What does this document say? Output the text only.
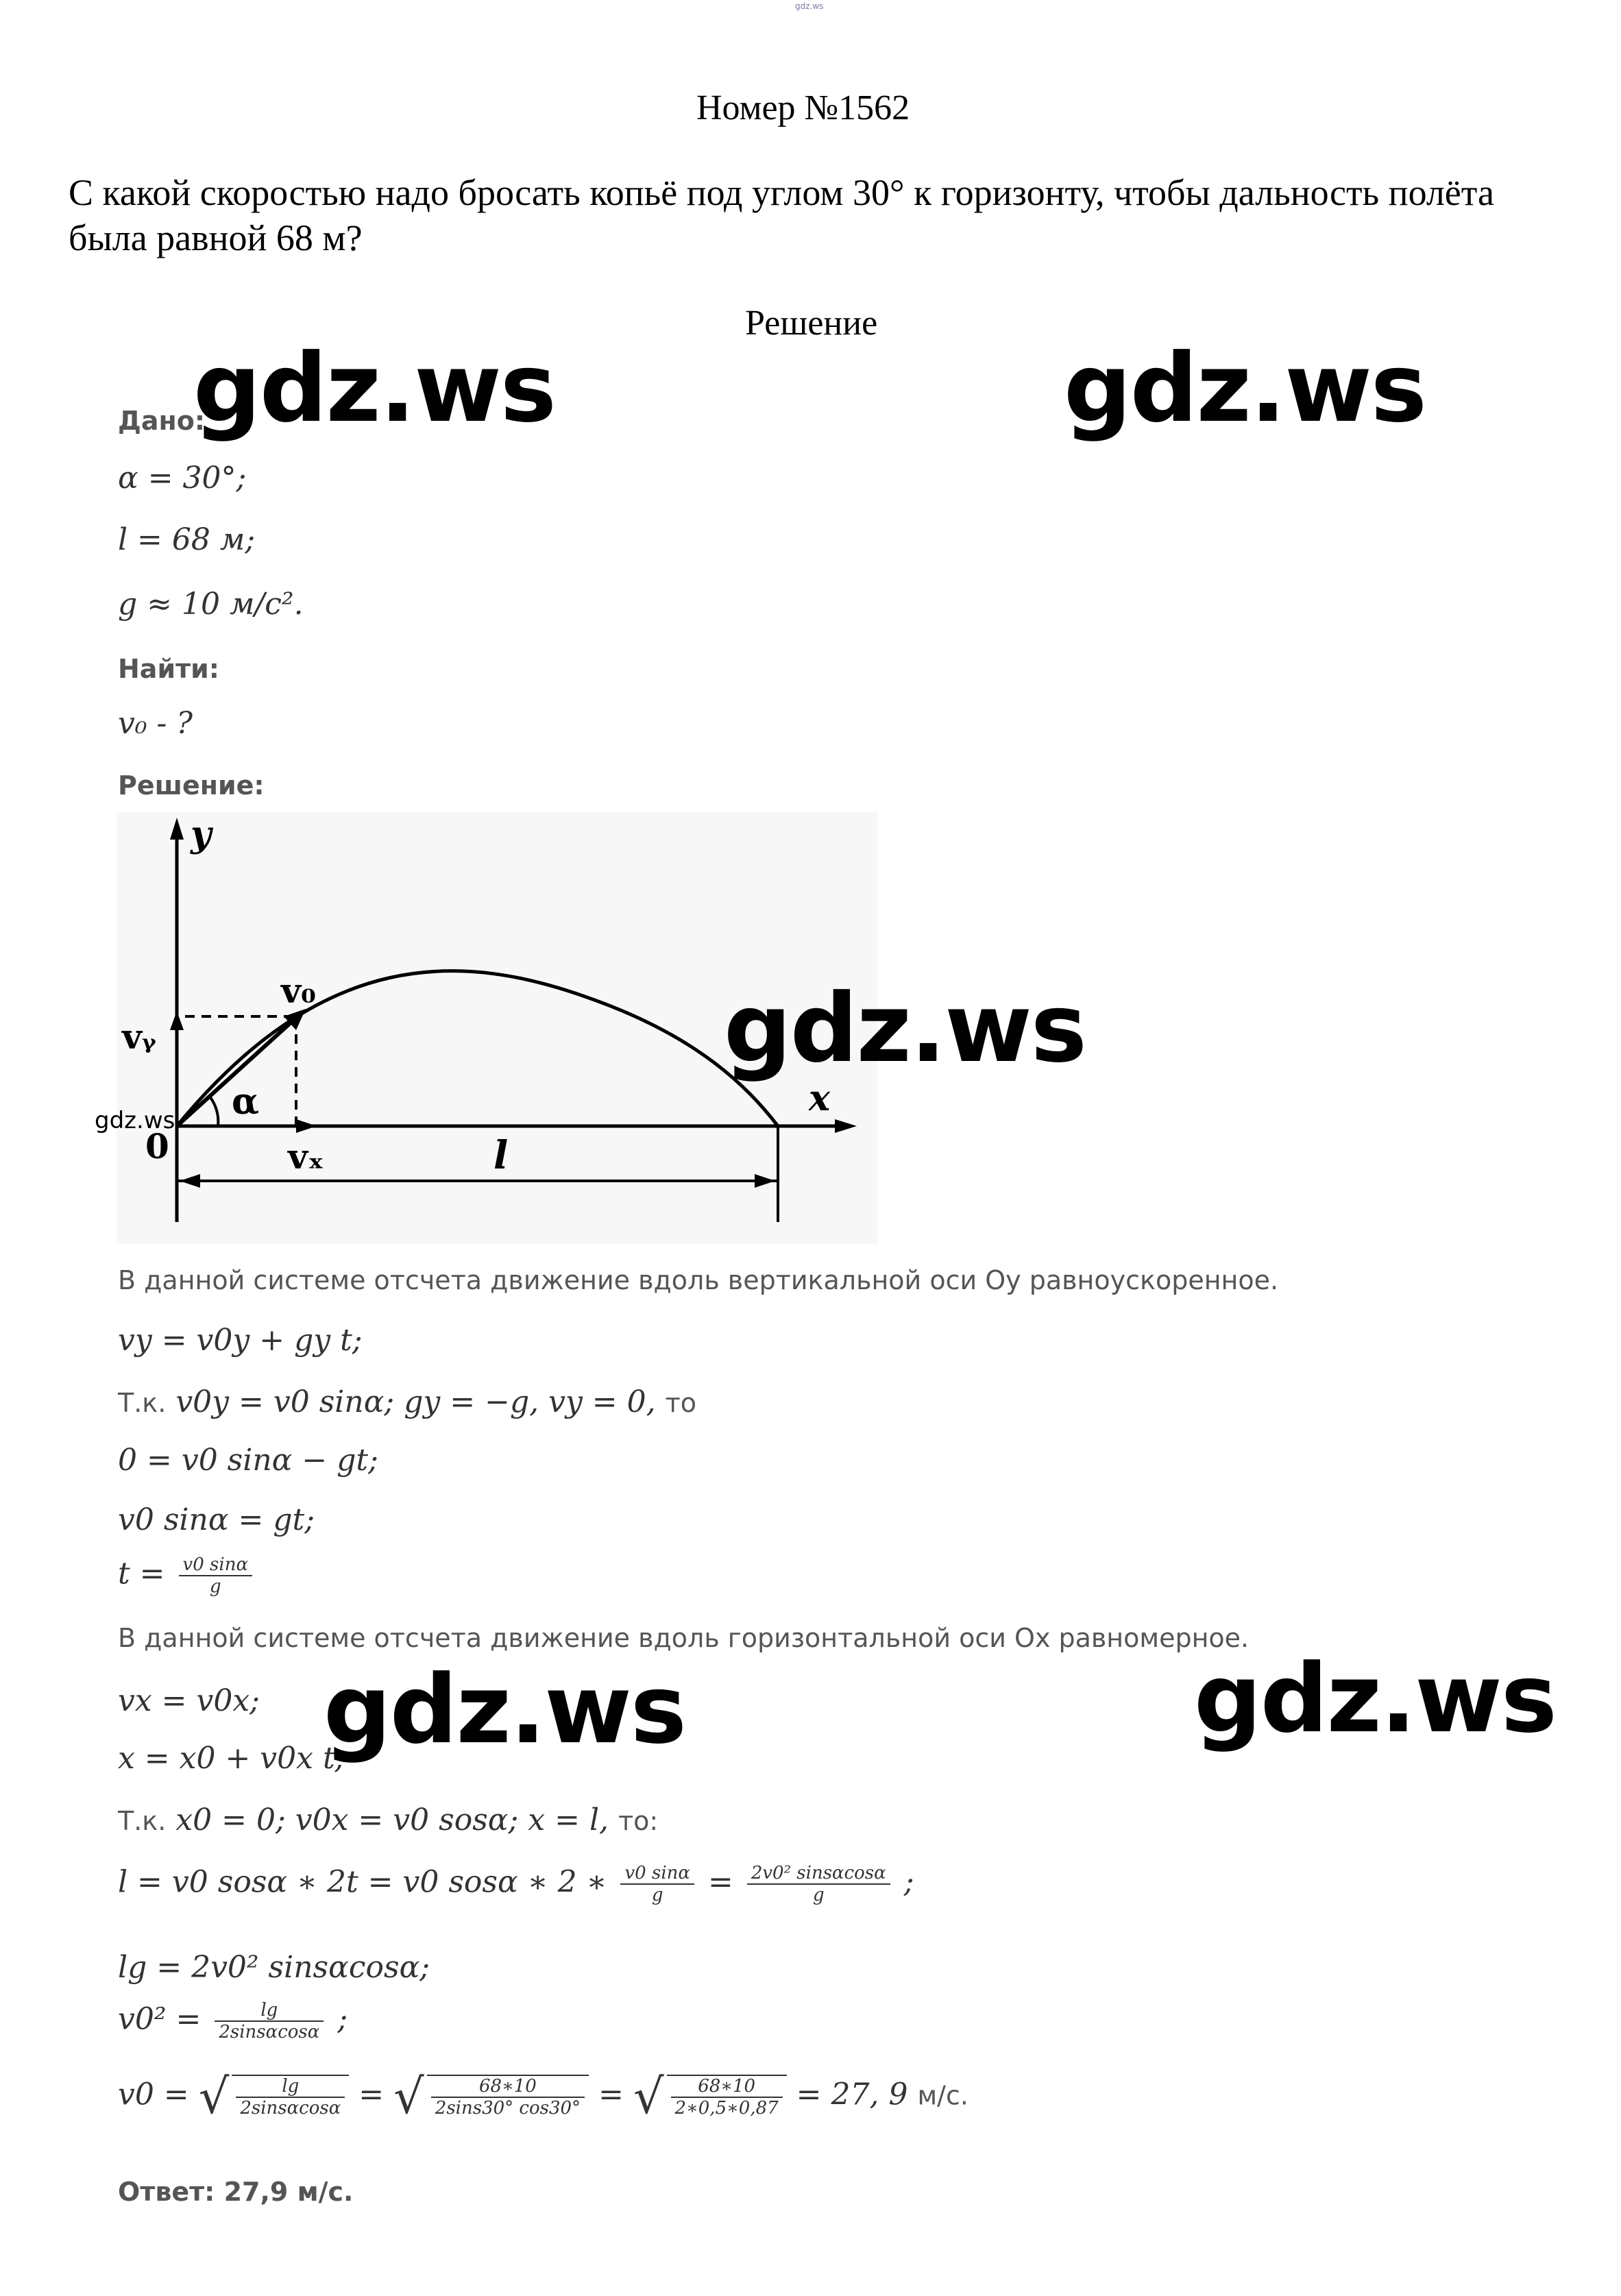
gdz.ws
Номер №1562
С какой скоростью надо бросать копьё под углом 30° к горизонту, чтобы дальность полёта была равной 68 м?
Решение
Дано:
α = 30°;
l = 68 м;
g ≈ 10 м/с².
Найти:
v₀ - ?
Решение:
y
x
0
α
v₀
vᵧ
vₓ	l
gdz.ws
В данной системе отсчета движение вдоль вертикальной оси Oy равноускоренное.
vy = v0y + gy t;
Т.к. v0y = v0 sinα; gy = −g, vy = 0, то
0 = v0 sinα − gt;
v0 sinα = gt;
$t = \frac{v0 \sin\alpha}{g}$
В данной системе отсчета движение вдоль горизонтальной оси Ox равномерное.
vx = v0x;
x = x0 + v0x t;
Т.к. x0 = 0; v0x = v0 sosα; x = l, то:
l = v0 sosα ∗ 2t = v0 sosα ∗ 2 ∗ $\frac{v0 \sin\alpha}{g} = \frac{\text{2v0² sinsαcosα}}{g}$ ;
lg = 2v0² sinsαcosα;
$v0^2 = \frac{\lg}{2\sin s\alpha\cos\alpha}$ ;
v0 = √ $\frac{\lg}{2\sin s\alpha\cos\alpha}$ = √ $\frac{68∗10}{2\sin s30^\circ \cos 30^\circ}$ = √ $\frac{68∗10}{2∗0,5∗0,87} = 27$, 9 м/с.
Ответ: 27,9 м/с.
gdz.ws	gdz.ws
gdz.ws
gdz.ws	gdz.ws
